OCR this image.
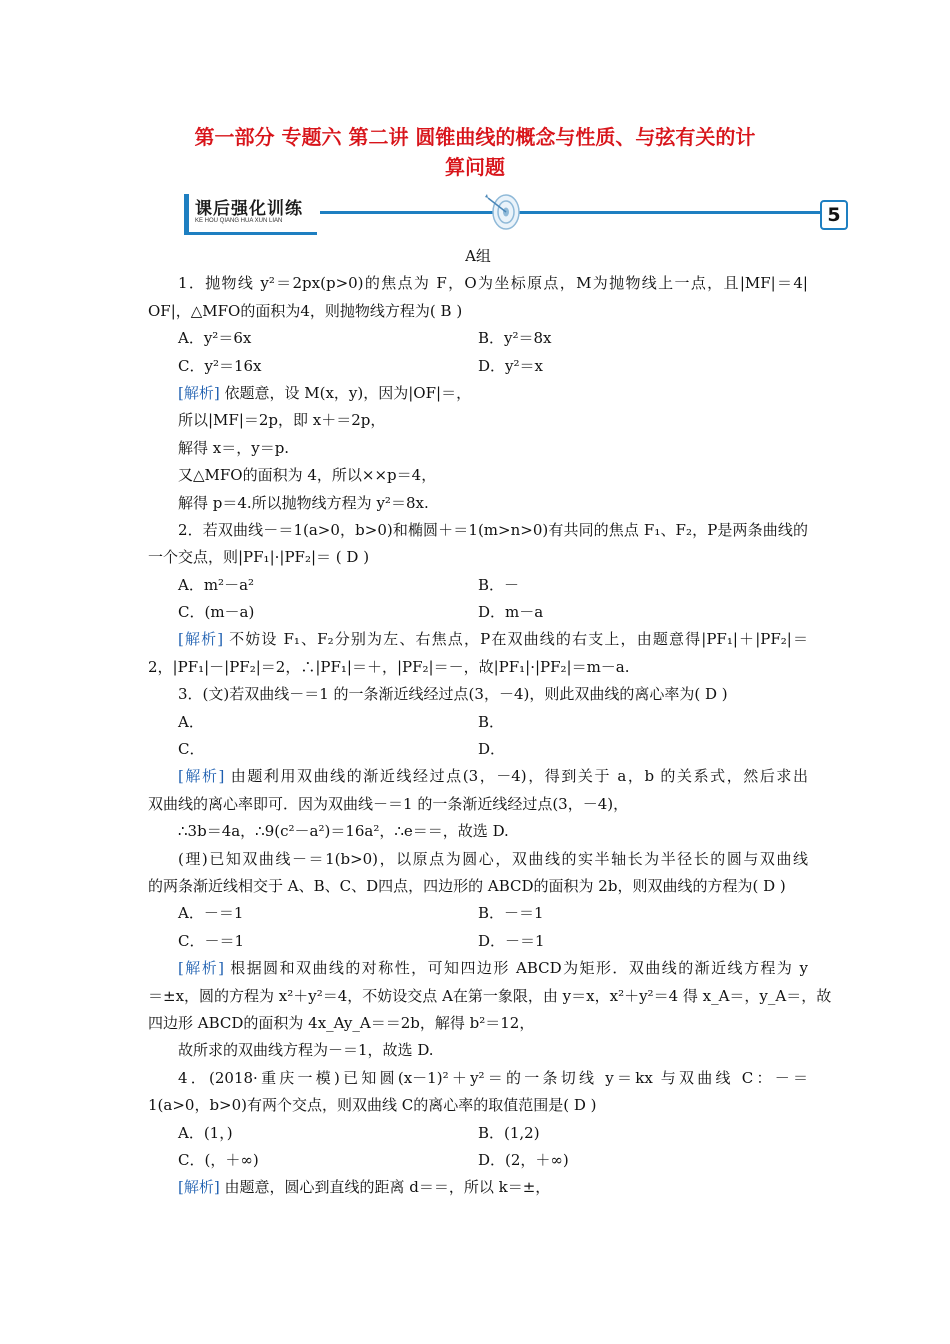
第一部分 专题六 第二讲 圆锥曲线的概念与性质、与弦有关的计
算问题
课后强化训练
KE HOU QIANG HUA XUN LIAN	5
A组
1．抛物线 y²＝2px(p>0)的焦点为 F，O为坐标原点，M为抛物线上一点，且|MF|＝4|
OF|，△MFO的面积为4，则抛物线方程为( B )
A．y²＝6x	B．y²＝8x
C．y²＝16x	D．y²＝x
[解析] 依题意，设 M(x，y)，因为|OF|＝，
所以|MF|＝2p，即 x＋＝2p，
解得 x＝，y＝p.
又△MFO的面积为 4，所以××p＝4，
解得 p＝4.所以抛物线方程为 y²＝8x.
2．若双曲线－＝1(a>0，b>0)和椭圆＋＝1(m>n>0)有共同的焦点 F₁、F₂，P是两条曲线的
一个交点，则|PF₁|·|PF₂|＝ ( D )
A．m²－a²	B．－
C．(m－a)	D．m－a
[解析] 不妨设 F₁、F₂分别为左、右焦点，P在双曲线的右支上，由题意得|PF₁|＋|PF₂|＝
2，|PF₁|－|PF₂|＝2，∴|PF₁|＝＋，|PF₂|＝－，故|PF₁|·|PF₂|＝m－a.
3．(文)若双曲线－＝1 的一条渐近线经过点(3，－4)，则此双曲线的离心率为( D )
A．	B．
C．	D．
[解析] 由题利用双曲线的渐近线经过点(3，－4)，得到关于 a，b 的关系式，然后求出
双曲线的离心率即可．因为双曲线－＝1 的一条渐近线经过点(3，－4)，
∴3b＝4a，∴9(c²－a²)＝16a²，∴e＝＝，故选 D.
(理)已知双曲线－＝1(b>0)，以原点为圆心，双曲线的实半轴长为半径长的圆与双曲线
的两条渐近线相交于 A、B、C、D四点，四边形的 ABCD的面积为 2b，则双曲线的方程为( D )
A．－＝1	B．－＝1
C．－＝1	D．－＝1
[解析] 根据圆和双曲线的对称性，可知四边形 ABCD为矩形．双曲线的渐近线方程为 y
＝±x，圆的方程为 x²＋y²＝4，不妨设交点 A在第一象限，由 y＝x，x²＋y²＝4 得 x_A＝，y_A＝，故
四边形 ABCD的面积为 4x_Ay_A＝＝2b，解得 b²＝12，
故所求的双曲线方程为－＝1，故选 D.
4．(2018·重庆一模)已知圆(x－1)²＋y²＝的一条切线 y＝kx 与双曲线 C：－＝
1(a>0，b>0)有两个交点，则双曲线 C的离心率的取值范围是( D )
A．(1，)	B．(1,2)
C．(，＋∞)	D．(2，＋∞)
[解析] 由题意，圆心到直线的距离 d＝＝，所以 k＝±，
